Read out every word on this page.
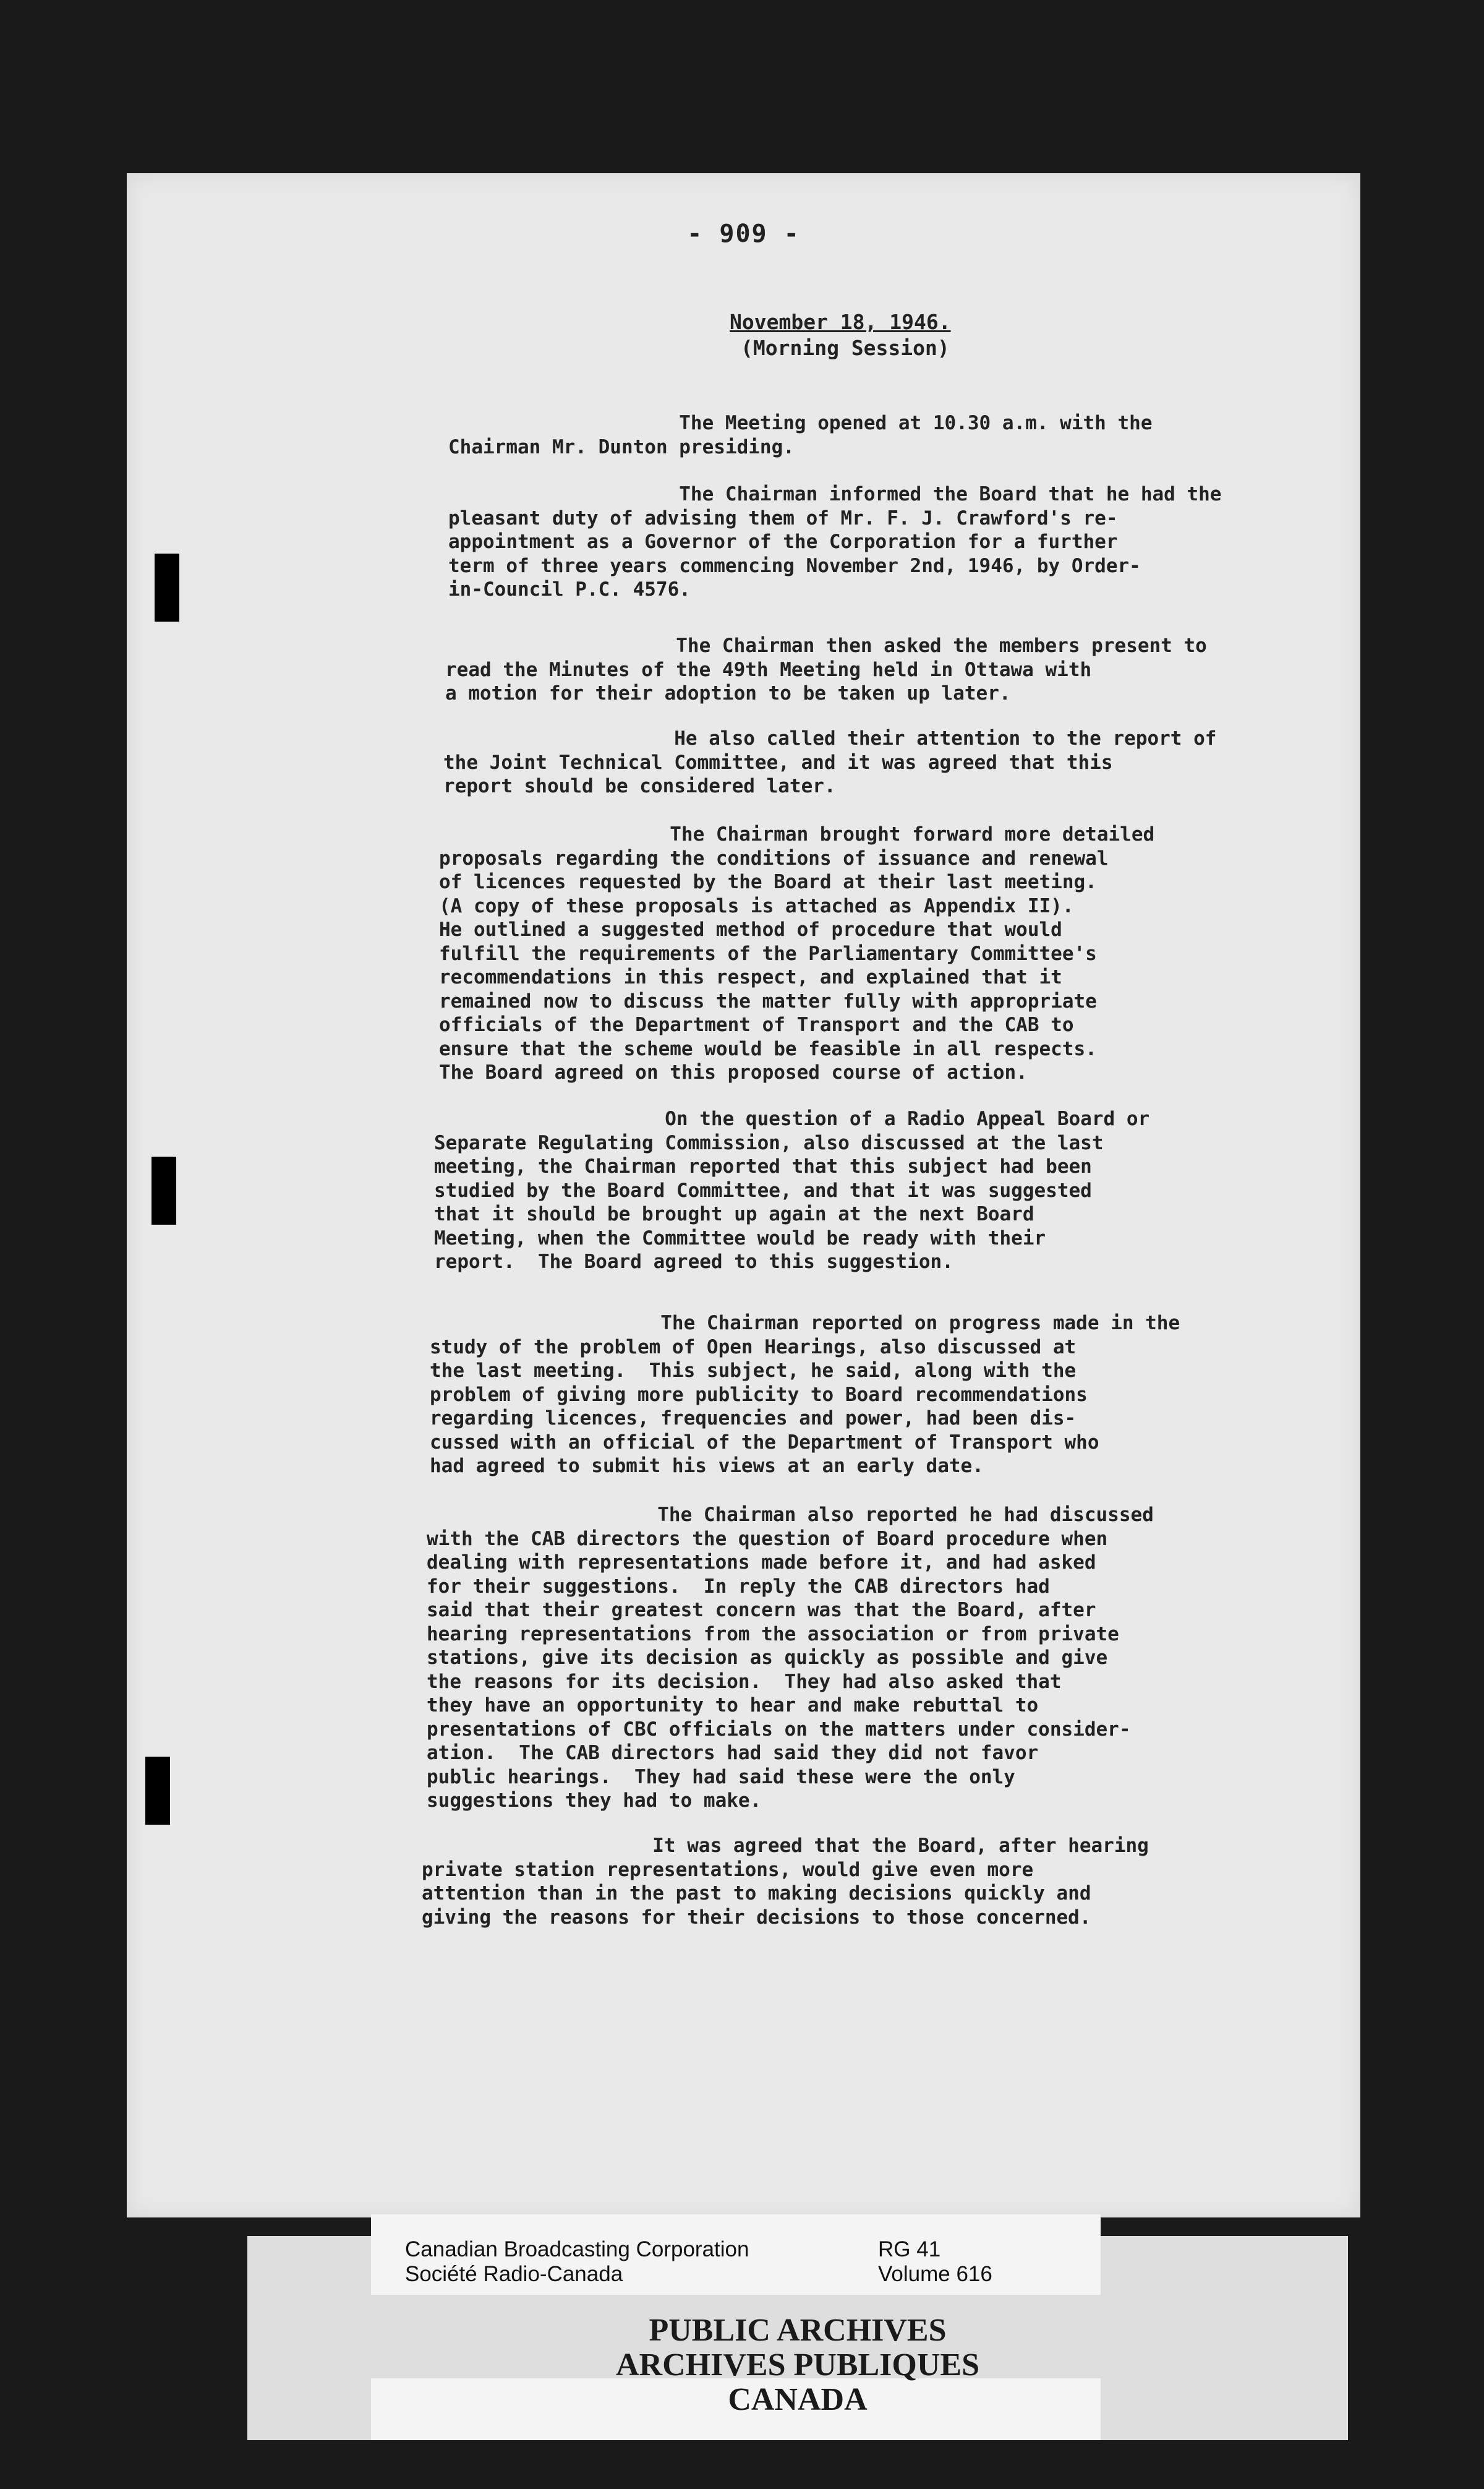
- 909 -
November 18, 1946.
(Morning Session)
The Meeting opened at 10.30 a.m. with the
Chairman Mr. Dunton presiding.
The Chairman informed the Board that he had the
pleasant duty of advising them of Mr. F. J. Crawford's re-
appointment as a Governor of the Corporation for a further
term of three years commencing November 2nd, 1946, by Order-
in-Council P.C. 4576.
The Chairman then asked the members present to
read the Minutes of the 49th Meeting held in Ottawa with
a motion for their adoption to be taken up later.
He also called their attention to the report of
the Joint Technical Committee, and it was agreed that this
report should be considered later.
The Chairman brought forward more detailed
proposals regarding the conditions of issuance and renewal
of licences requested by the Board at their last meeting.
(A copy of these proposals is attached as Appendix II).
He outlined a suggested method of procedure that would
fulfill the requirements of the Parliamentary Committee's
recommendations in this respect, and explained that it
remained now to discuss the matter fully with appropriate
officials of the Department of Transport and the CAB to
ensure that the scheme would be feasible in all respects.
The Board agreed on this proposed course of action.
On the question of a Radio Appeal Board or
Separate Regulating Commission, also discussed at the last
meeting, the Chairman reported that this subject had been
studied by the Board Committee, and that it was suggested
that it should be brought up again at the next Board
Meeting, when the Committee would be ready with their
report.  The Board agreed to this suggestion.
The Chairman reported on progress made in the
study of the problem of Open Hearings, also discussed at
the last meeting.  This subject, he said, along with the
problem of giving more publicity to Board recommendations
regarding licences, frequencies and power, had been dis-
cussed with an official of the Department of Transport who
had agreed to submit his views at an early date.
The Chairman also reported he had discussed
with the CAB directors the question of Board procedure when
dealing with representations made before it, and had asked
for their suggestions.  In reply the CAB directors had
said that their greatest concern was that the Board, after
hearing representations from the association or from private
stations, give its decision as quickly as possible and give
the reasons for its decision.  They had also asked that
they have an opportunity to hear and make rebuttal to
presentations of CBC officials on the matters under consider-
ation.  The CAB directors had said they did not favor
public hearings.  They had said these were the only
suggestions they had to make.
It was agreed that the Board, after hearing
private station representations, would give even more
attention than in the past to making decisions quickly and
giving the reasons for their decisions to those concerned.
Canadian Broadcasting Corporation
Société Radio-Canada
RG 41
Volume 616
PUBLIC ARCHIVES
ARCHIVES PUBLIQUES
CANADA
